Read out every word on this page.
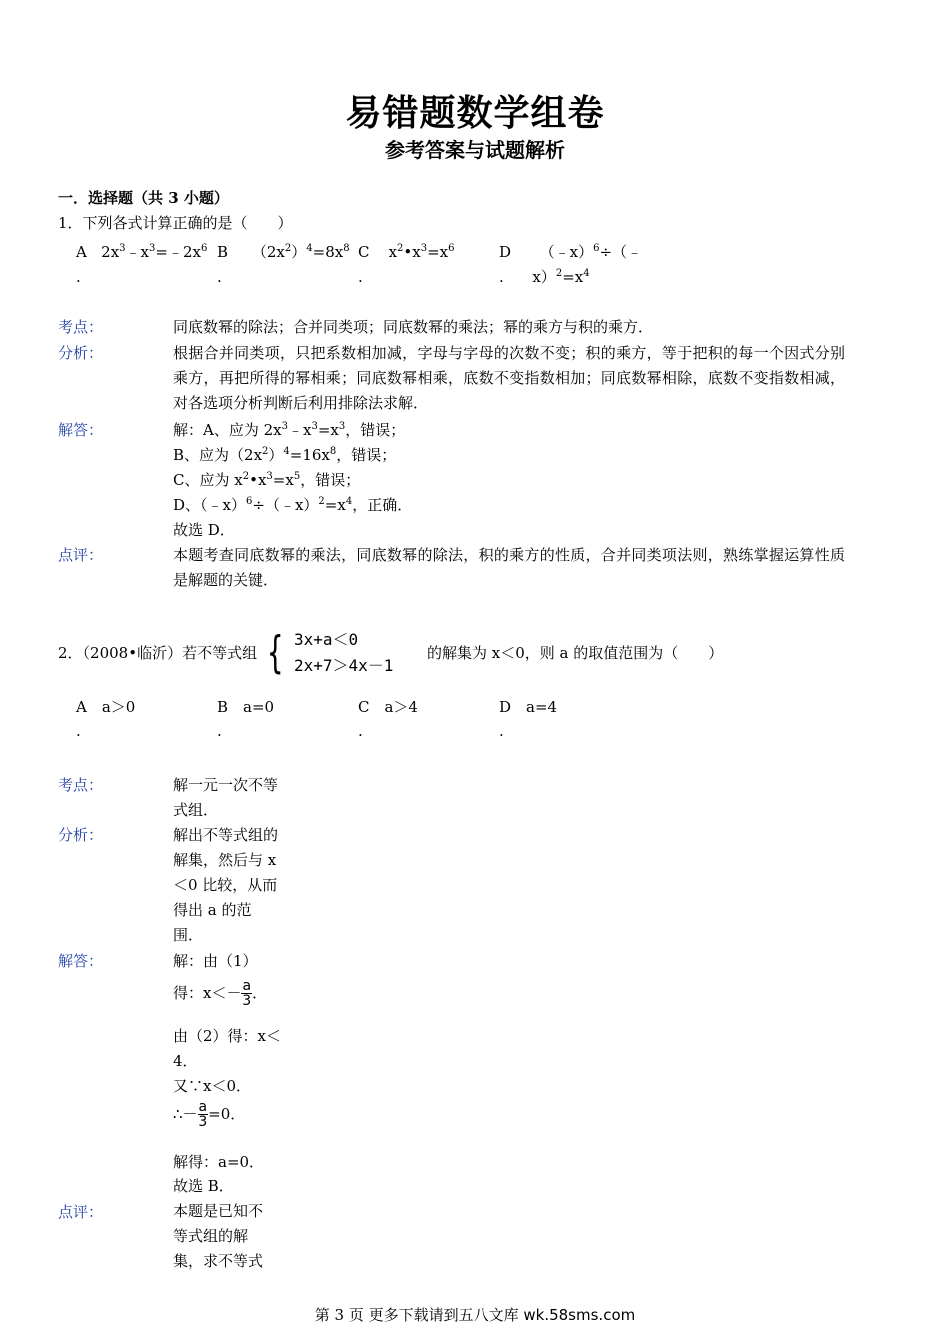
易错题数学组卷
参考答案与试题解析
一．选择题（共 3 小题）
1．下列各式计算正确的是（　　）
A $2x^3﹣x^3=﹣2x^6$
.
B $(2x^2)^4=8x^8$
.
C $x^2•x^3=x^6$
.
D （﹣x）$^6$÷（﹣
. $x)^2=x^4$
考点：	同底数幂的除法；合并同类项；同底数幂的乘法；幂的乘方与积的乘方．
分析：	根据合并同类项，只把系数相加减，字母与字母的次数不变；积的乘方，等于把积的每一个因式分别乘方，再把所得的幂相乘；同底数幂相乘，底数不变指数相加；同底数幂相除，底数不变指数相减，对各选项分析判断后利用排除法求解．
解答：	解：A、应为 $2x^3﹣x^3=x^3$，错误；
B、应为$(2x^2)^4=16x^8$，错误；
C、应为 $x^2•x^3=x^5$，错误；
D、$(﹣x)^6\div(﹣x)^2=x^4$，正确．
故选 D．
点评：	本题考查同底数幂的乘法，同底数幂的除法，积的乘方的性质，合并同类项法则，熟练掌握运算性质是解题的关键．
2．（2008•临沂）若不等式组 { 3x+a＜0
2x+7＞4x－1
的解集为 x＜0，则 a 的取值范围为（　　）
A　a＞0
.
B　a=0
.
C　a＞4
.
D　a=4
.
考点：	解一元一次不等式组．
分析：	解出不等式组的解集，然后与 x＜0 比较，从而得出 a 的范围．
解答：	解：由（1）
得：$x<- \frac{a}{3}$ ．
由（2）得：x＜4．
又∵x＜0．
∴－ $\frac{a}{3} =0$．
解得：a=0．
故选 B．
点评：	本题是已知不等式组的解集，求不等式
第 3 页 更多下载请到五八文库 wk.58sms.com
